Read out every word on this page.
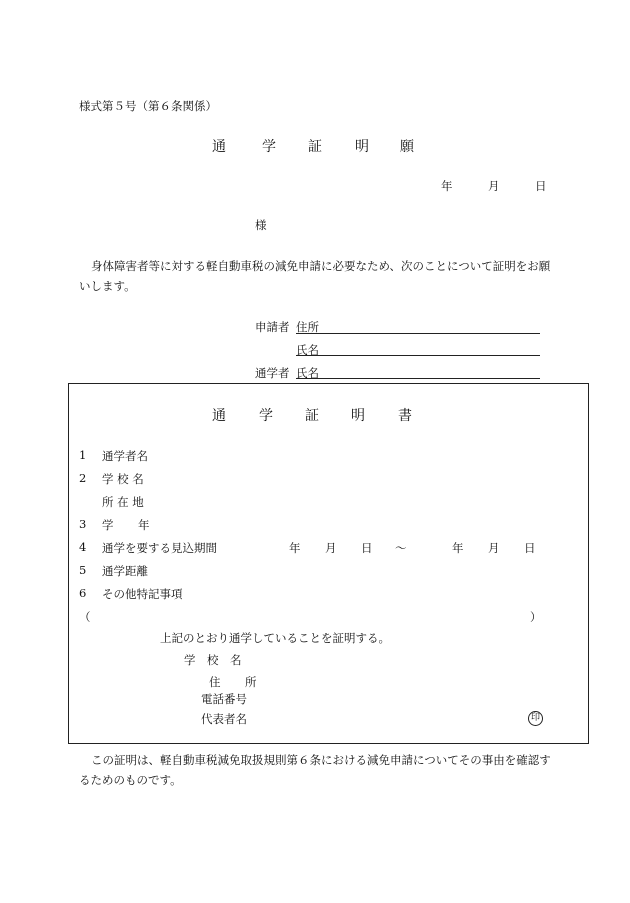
様式第５号（第６条関係）
通	学 証 明 願
年	月	日
様
身体障害者等に対する軽自動車税の減免申請に必要なため、次のことについて証明をお願いします。
申請者 住所
氏名
通学者 氏名
通 学 証 明 書
1 通学者名
2 学 校 名
所 在 地
3 学 年
4 通学を要する見込期間	年 月 日 ～	年 月 日
5 通学距離
6 その他特記事項
（	）
上記のとおり通学していることを証明する。
学　校　名
住 所
電話番号
代表者名	印
この証明は、軽自動車税減免取扱規則第６条における減免申請についてその事由を確認するためのものです。
